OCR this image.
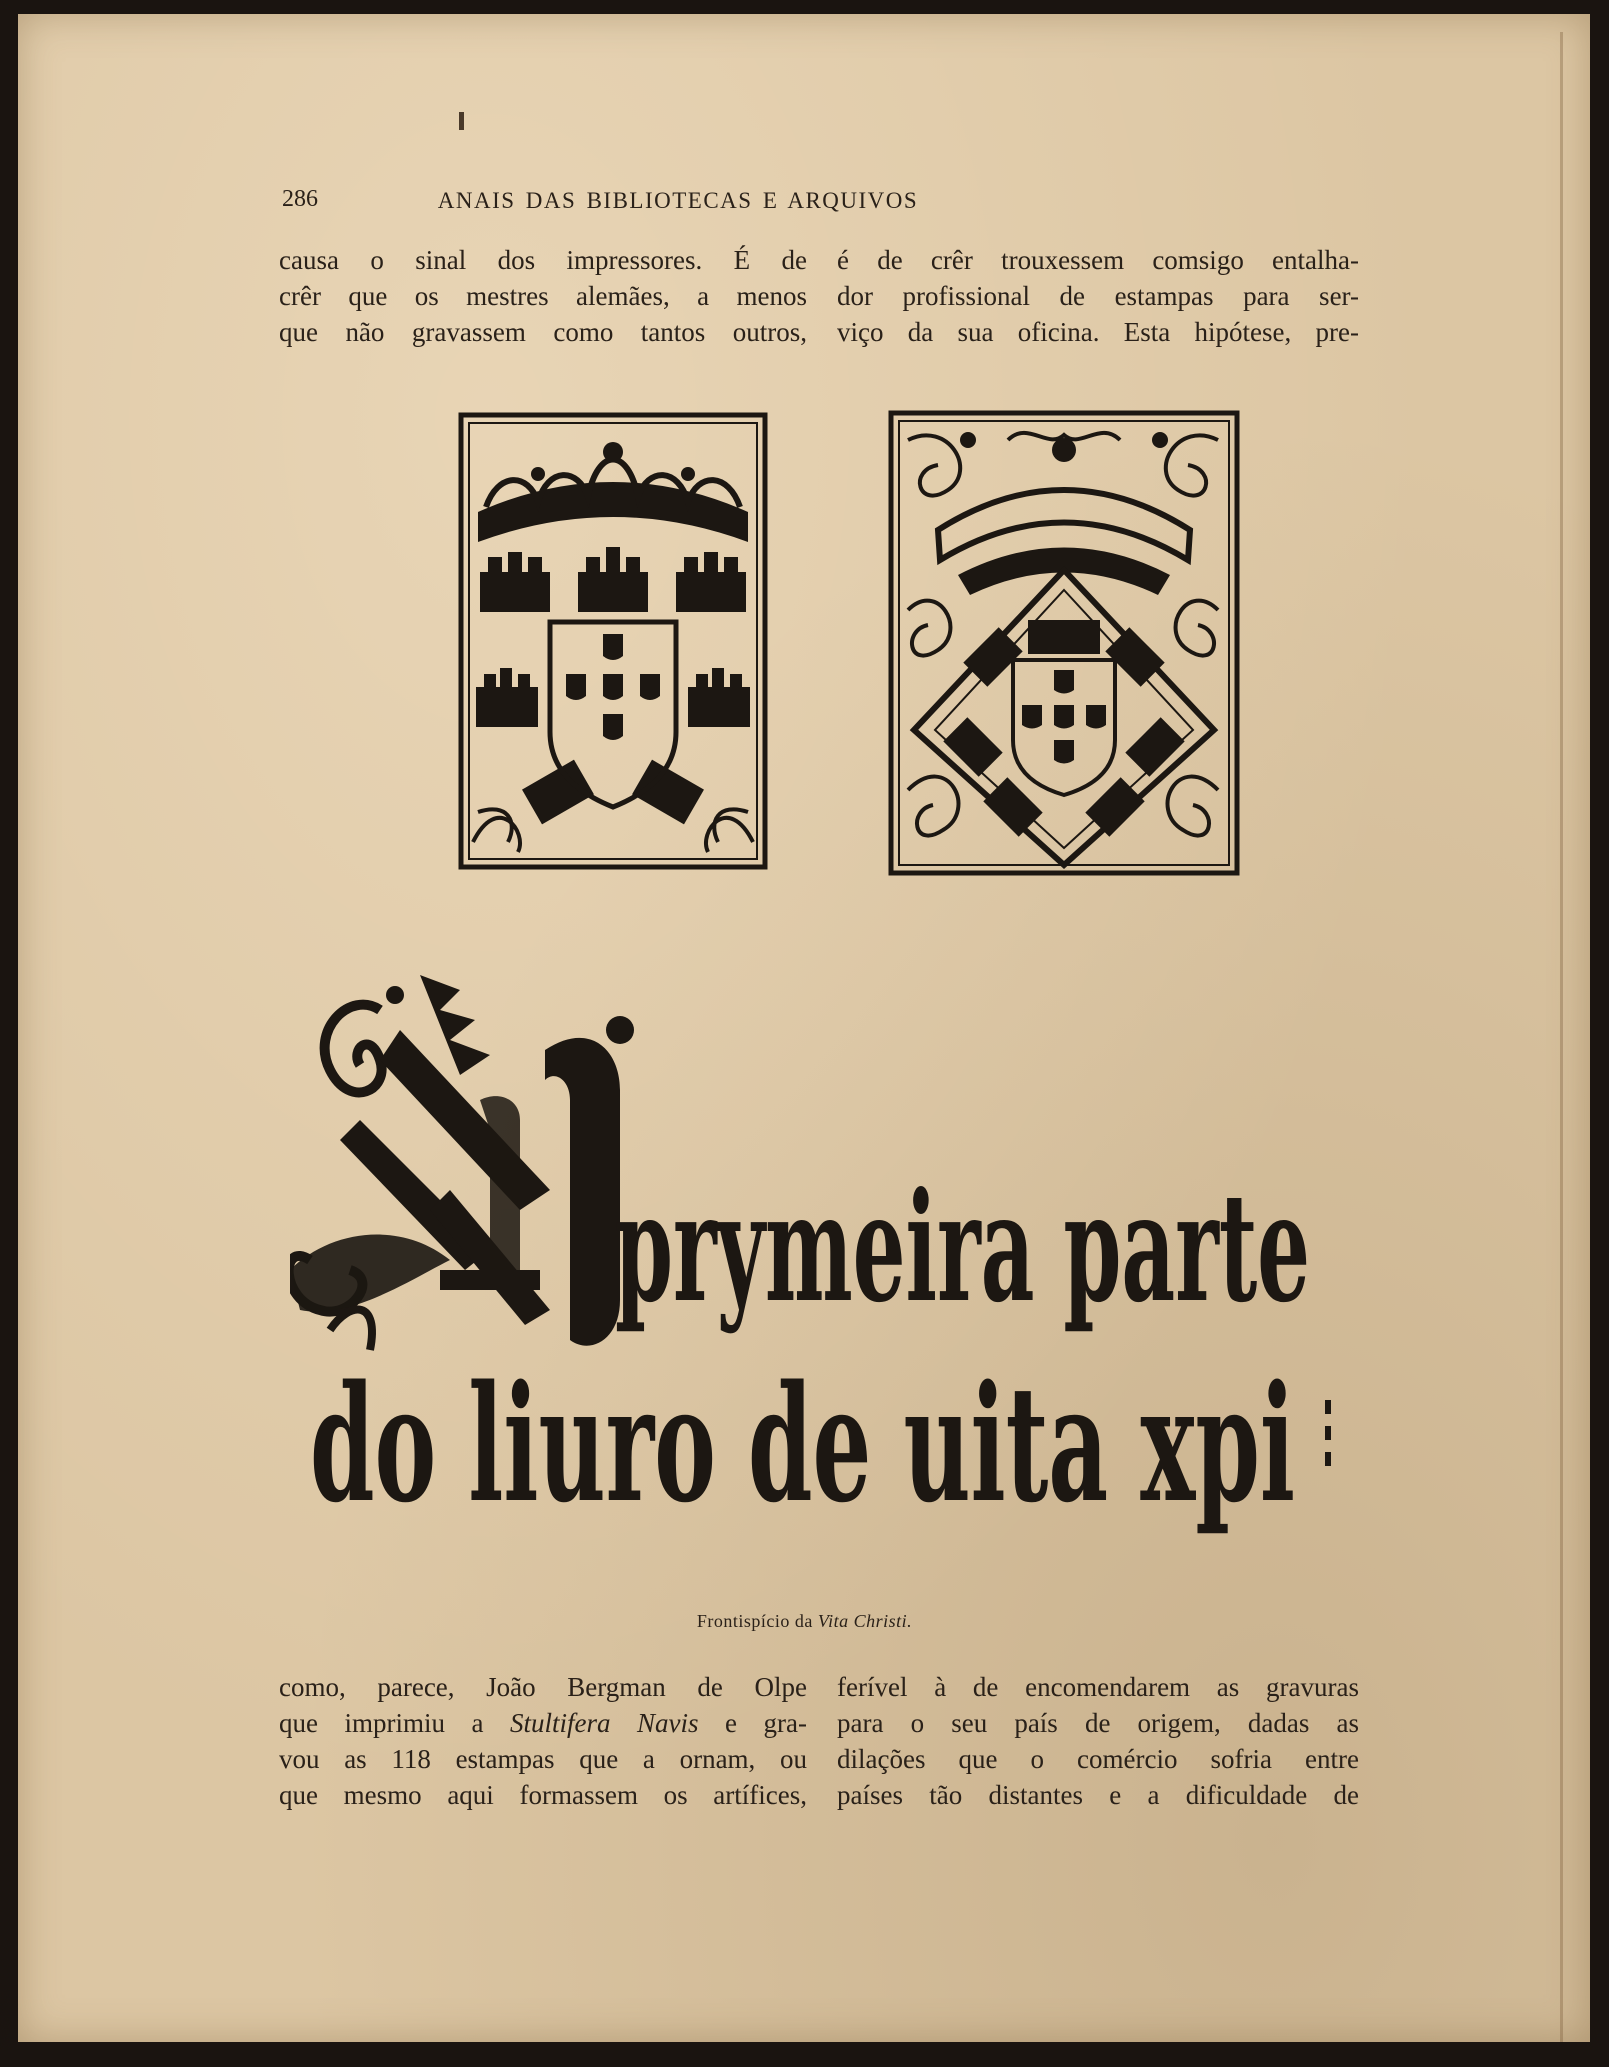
286	ANAIS DAS BIBLIOTECAS E ARQUIVOS
causa o sinal dos impressores. É de
crêr que os mestres alemães, a menos
que não gravassem como tantos outros,
é de crêr trouxessem comsigo entalha-
dor profissional de estampas para ser-
viço da sua oficina. Esta hipótese, pre-
prymeira parte
do liuro de uita xpi
Frontispício da Vita Christi.
como, parece, João Bergman de Olpe
que imprimiu a Stultifera Navis e gra-
vou as 118 estampas que a ornam, ou
que mesmo aqui formassem os artífices,
ferível à de encomendarem as gravuras
para o seu país de origem, dadas as
dilações que o comércio sofria entre
países tão distantes e a dificuldade de
